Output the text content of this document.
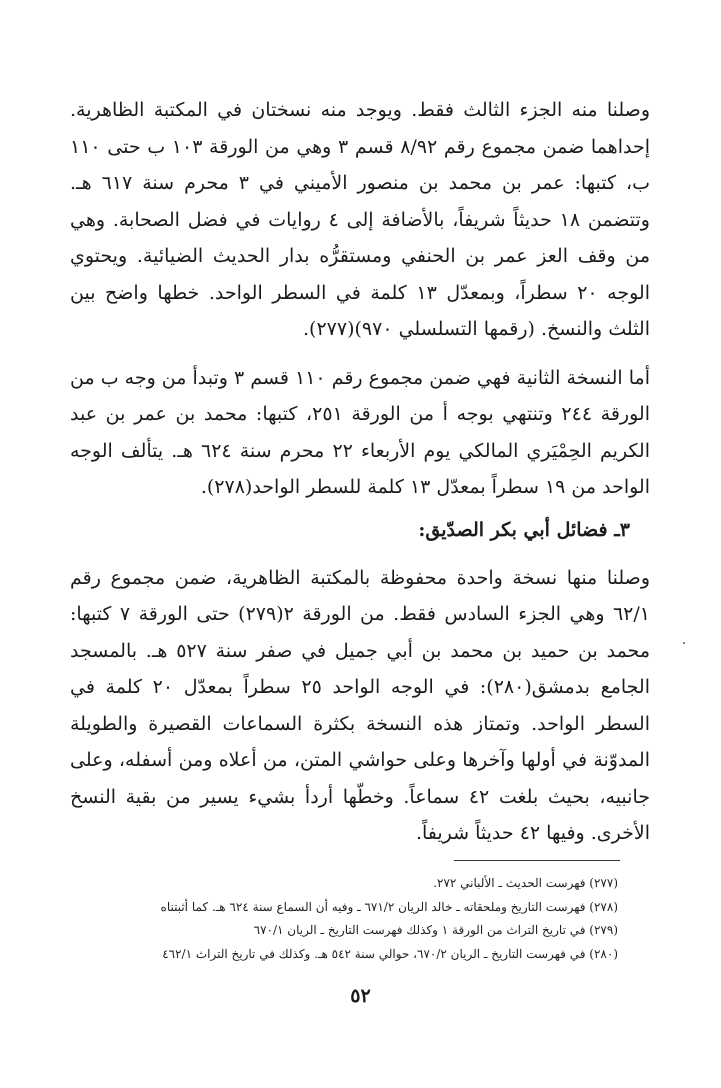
وصلنا منه الجزء الثالث فقط. ويوجد منه نسختان في المكتبة الظاهرية. إحداهما ضمن مجموع رقم ٨/٩٢ قسم ٣ وهي من الورقة ١٠٣ ب حتى ١١٠ ب، كتبها: عمر بن محمد بن منصور الأميني في ٣ محرم سنة ٦١٧ هـ. وتتضمن ١٨ حديثاً شريفاً، بالأضافة إلى ٤ روايات في فضل الصحابة. وهي من وقف العز عمر بن الحنفي ومستقرُّه بدار الحديث الضيائية. ويحتوي الوجه ٢٠ سطراً، وبمعدّل ١٣ كلمة في السطر الواحد. خطها واضح بين الثلث والنسخ. (رقمها التسلسلي ٩٧٠)(٢٧٧).

أما النسخة الثانية فهي ضمن مجموع رقم ١١٠ قسم ٣ وتبدأ من وجه ب من الورقة ٢٤٤ وتنتهي بوجه أ من الورقة ٢٥١، كتبها: محمد بن عمر بن عبد الكريم الحِمْيَري المالكي يوم الأربعاء ٢٢ محرم سنة ٦٢٤ هـ. يتألف الوجه الواحد من ١٩ سطراً بمعدّل ١٣ كلمة للسطر الواحد(٢٧٨).

٣ـ فضائل أبي بكر الصدّيق:

وصلنا منها نسخة واحدة محفوظة بالمكتبة الظاهرية، ضمن مجموع رقم ٦٢/١ وهي الجزء السادس فقط. من الورقة ٢(٢٧٩) حتى الورقة ٧ كتبها: محمد بن حميد بن محمد بن أبي جميل في صفر سنة ٥٢٧ هـ. بالمسجد الجامع بدمشق(٢٨٠): في الوجه الواحد ٢٥ سطراً بمعدّل ٢٠ كلمة في السطر الواحد. وتمتاز هذه النسخة بكثرة السماعات القصيرة والطويلة المدوّنة في أولها وآخرها وعلى حواشي المتن، من أعلاه ومن أسفله، وعلى جانبيه، بحيث بلغت ٤٢ سماعاً. وخطّها أردأ بشيء يسير من بقية النسخ الأخرى. وفيها ٤٢ حديثاً شريفاً.

(٢٧٧) فهرست الحديث ـ الألباني ٢٧٢.

(٢٧٨) فهرست التاريخ وملحقاته ـ خالد الريان ٦٧١/٢ ـ وفيه أن السماع سنة ٦٢٤ هـ. كما أثبتناه

(٢٧٩) في تاريخ التراث من الورقة ١ وكذلك فهرست التاريخ ـ الريان ٦٧٠/١

(٢٨٠) في فهرست التاريخ ـ الريان ٦٧٠/٢، حوالي سنة ٥٤٢ هـ. وكذلك في تاريخ التراث ٤٦٢/١

٥٢
